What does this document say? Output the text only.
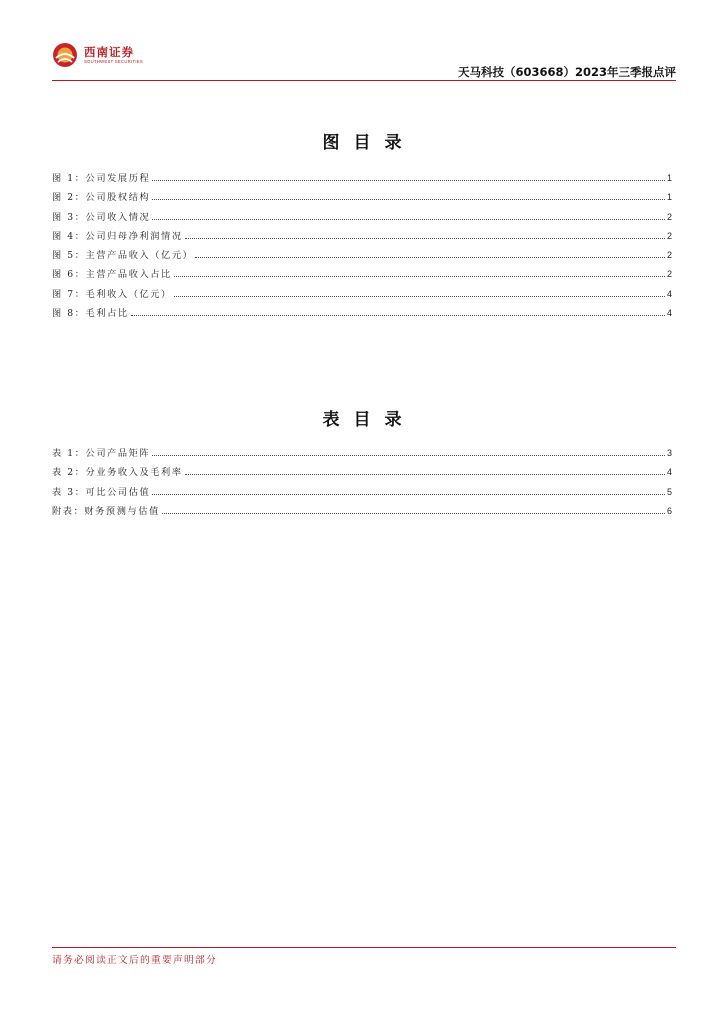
西南证券
SOUTHWEST SECURITIES
天马科技（603668）2023年三季报点评
图目录
图 1：公司发展历程	1
图 2：公司股权结构	1
图 3：公司收入情况	2
图 4：公司归母净利润情况	2
图 5：主营产品收入（亿元）	2
图 6：主营产品收入占比	2
图 7：毛利收入（亿元）	4
图 8：毛利占比	4
表目录
表 1：公司产品矩阵	3
表 2：分业务收入及毛利率	4
表 3：可比公司估值	5
附表：财务预测与估值	6
请务必阅读正文后的重要声明部分
